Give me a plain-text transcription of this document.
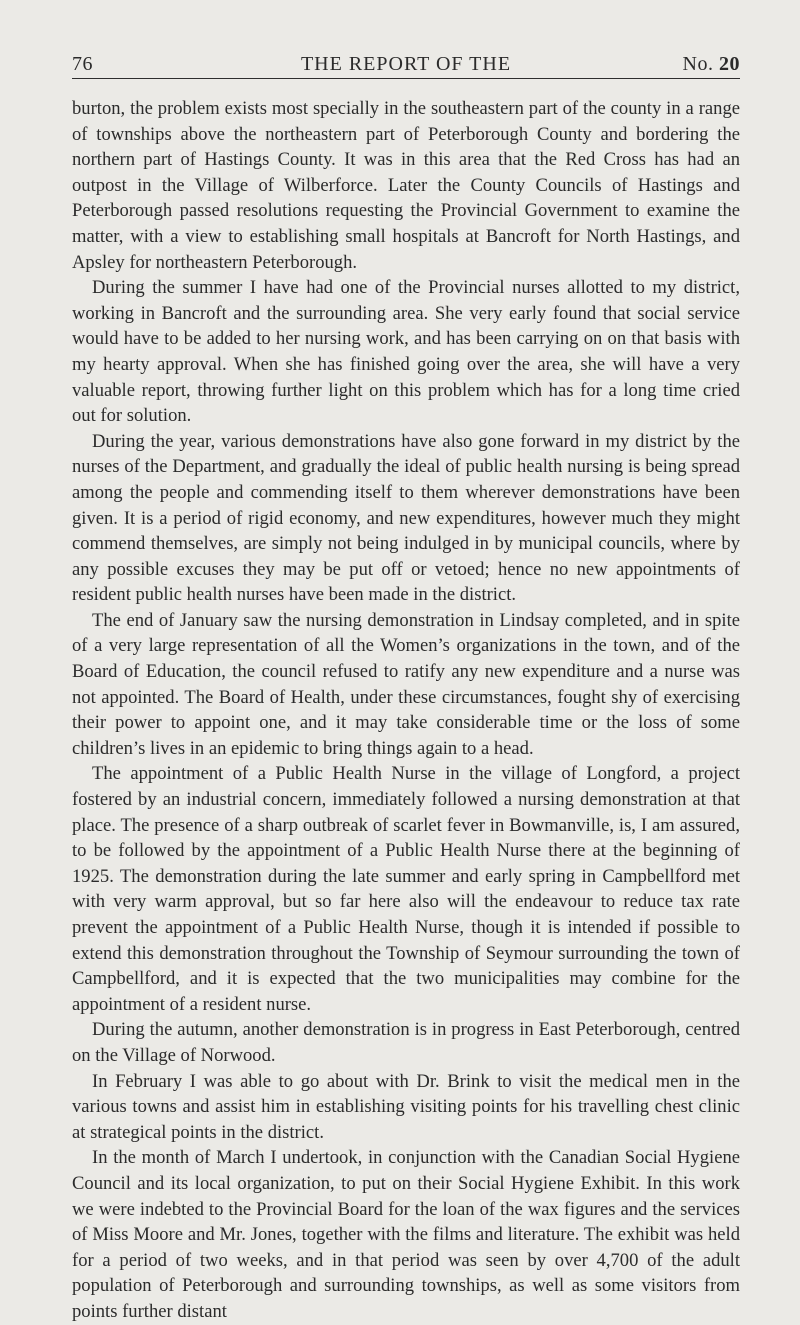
76	THE REPORT OF THE	No. 20

burton, the problem exists most specially in the southeastern part of the county in a range of townships above the northeastern part of Peterborough County and bordering the northern part of Hastings County. It was in this area that the Red Cross has had an outpost in the Village of Wilberforce. Later the County Councils of Hastings and Peterborough passed resolutions requesting the Provincial Government to examine the matter, with a view to establishing small hospitals at Bancroft for North Hastings, and Apsley for northeastern Peterborough.

During the summer I have had one of the Provincial nurses allotted to my district, working in Bancroft and the surrounding area. She very early found that social service would have to be added to her nursing work, and has been carrying on on that basis with my hearty approval. When she has finished going over the area, she will have a very valuable report, throwing further light on this problem which has for a long time cried out for solution.

During the year, various demonstrations have also gone forward in my district by the nurses of the Department, and gradually the ideal of public health nursing is being spread among the people and commending itself to them wherever demonstrations have been given. It is a period of rigid economy, and new expenditures, however much they might commend themselves, are simply not being indulged in by municipal councils, where by any possible excuses they may be put off or vetoed; hence no new appointments of resident public health nurses have been made in the district.

The end of January saw the nursing demonstration in Lindsay completed, and in spite of a very large representation of all the Women’s organizations in the town, and of the Board of Education, the council refused to ratify any new expenditure and a nurse was not appointed. The Board of Health, under these circumstances, fought shy of exercising their power to appoint one, and it may take considerable time or the loss of some children’s lives in an epidemic to bring things again to a head.

The appointment of a Public Health Nurse in the village of Longford, a project fostered by an industrial concern, immediately followed a nursing demonstration at that place. The presence of a sharp outbreak of scarlet fever in Bowmanville, is, I am assured, to be followed by the appointment of a Public Health Nurse there at the beginning of 1925. The demonstration during the late summer and early spring in Campbellford met with very warm approval, but so far here also will the endeavour to reduce tax rate prevent the appointment of a Public Health Nurse, though it is intended if possible to extend this demonstration throughout the Township of Seymour surrounding the town of Campbellford, and it is expected that the two municipalities may combine for the appointment of a resident nurse.

During the autumn, another demonstration is in progress in East Peterborough, centred on the Village of Norwood.

In February I was able to go about with Dr. Brink to visit the medical men in the various towns and assist him in establishing visiting points for his travelling chest clinic at strategical points in the district.

In the month of March I undertook, in conjunction with the Canadian Social Hygiene Council and its local organization, to put on their Social Hygiene Exhibit. In this work we were indebted to the Provincial Board for the loan of the wax figures and the services of Miss Moore and Mr. Jones, together with the films and literature. The exhibit was held for a period of two weeks, and in that period was seen by over 4,700 of the adult population of Peterborough and surrounding townships, as well as some visitors from points further distant
